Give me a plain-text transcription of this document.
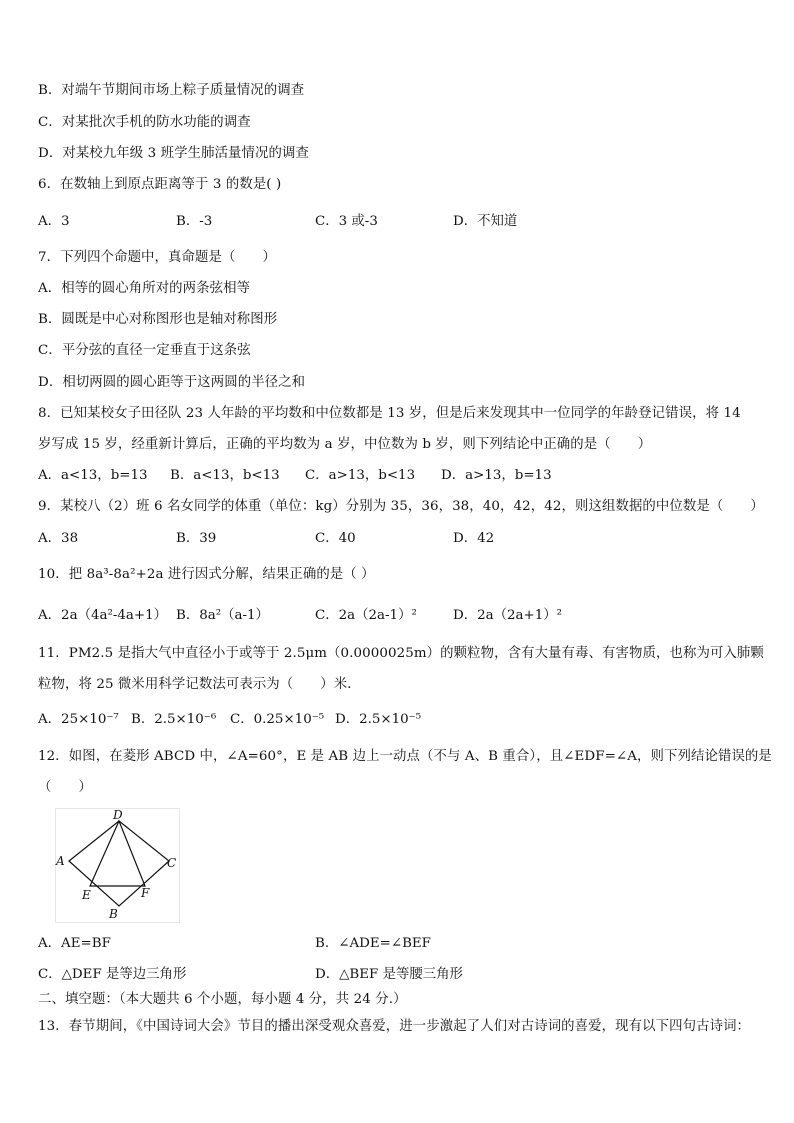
B．对端午节期间市场上粽子质量情况的调查
C．对某批次手机的防水功能的调查
D．对某校九年级 3 班学生肺活量情况的调查
6．在数轴上到原点距离等于 3 的数是( )
A．3	B．-3	C．3 或-3	D．不知道
7．下列四个命题中，真命题是（　　）
A．相等的圆心角所对的两条弦相等
B．圆既是中心对称图形也是轴对称图形
C．平分弦的直径一定垂直于这条弦
D．相切两圆的圆心距等于这两圆的半径之和
8．已知某校女子田径队 23 人年龄的平均数和中位数都是 13 岁，但是后来发现其中一位同学的年龄登记错误，将 14
岁写成 15 岁，经重新计算后，正确的平均数为 a 岁，中位数为 b 岁，则下列结论中正确的是（　　）
A．a<13，b=13 B．a<13，b<13 C．a>13，b<13 D．a>13，b=13
9．某校八（2）班 6 名女同学的体重（单位：kg）分别为 35，36，38，40，42，42，则这组数据的中位数是（　　）
A．38	B．39	C．40	D．42
10．把 8a³-8a²+2a 进行因式分解，结果正确的是（ ）
A．2a（4a²-4a+1） B．8a²（a-1）	C．2a（2a-1）²	D．2a（2a+1）²
11．PM2.5 是指大气中直径小于或等于 2.5μm（0.0000025m）的颗粒物，含有大量有毒、有害物质，也称为可入肺颗
粒物，将 25 微米用科学记数法可表示为（　　）米．
A．25×10⁻⁷ B．2.5×10⁻⁶ C．0.25×10⁻⁵ D．2.5×10⁻⁵
12．如图，在菱形 ABCD 中，∠A=60°，E 是 AB 边上一动点（不与 A、B 重合），且∠EDF=∠A，则下列结论错误的是
（　　）
D
A	C
E	F
B
A．AE=BF	B．∠ADE=∠BEF
C．△DEF 是等边三角形	D．△BEF 是等腰三角形
二、填空题：（本大题共 6 个小题，每小题 4 分，共 24 分.）
13．春节期间，《中国诗词大会》节目的播出深受观众喜爱，进一步激起了人们对古诗词的喜爱，现有以下四句古诗词：
